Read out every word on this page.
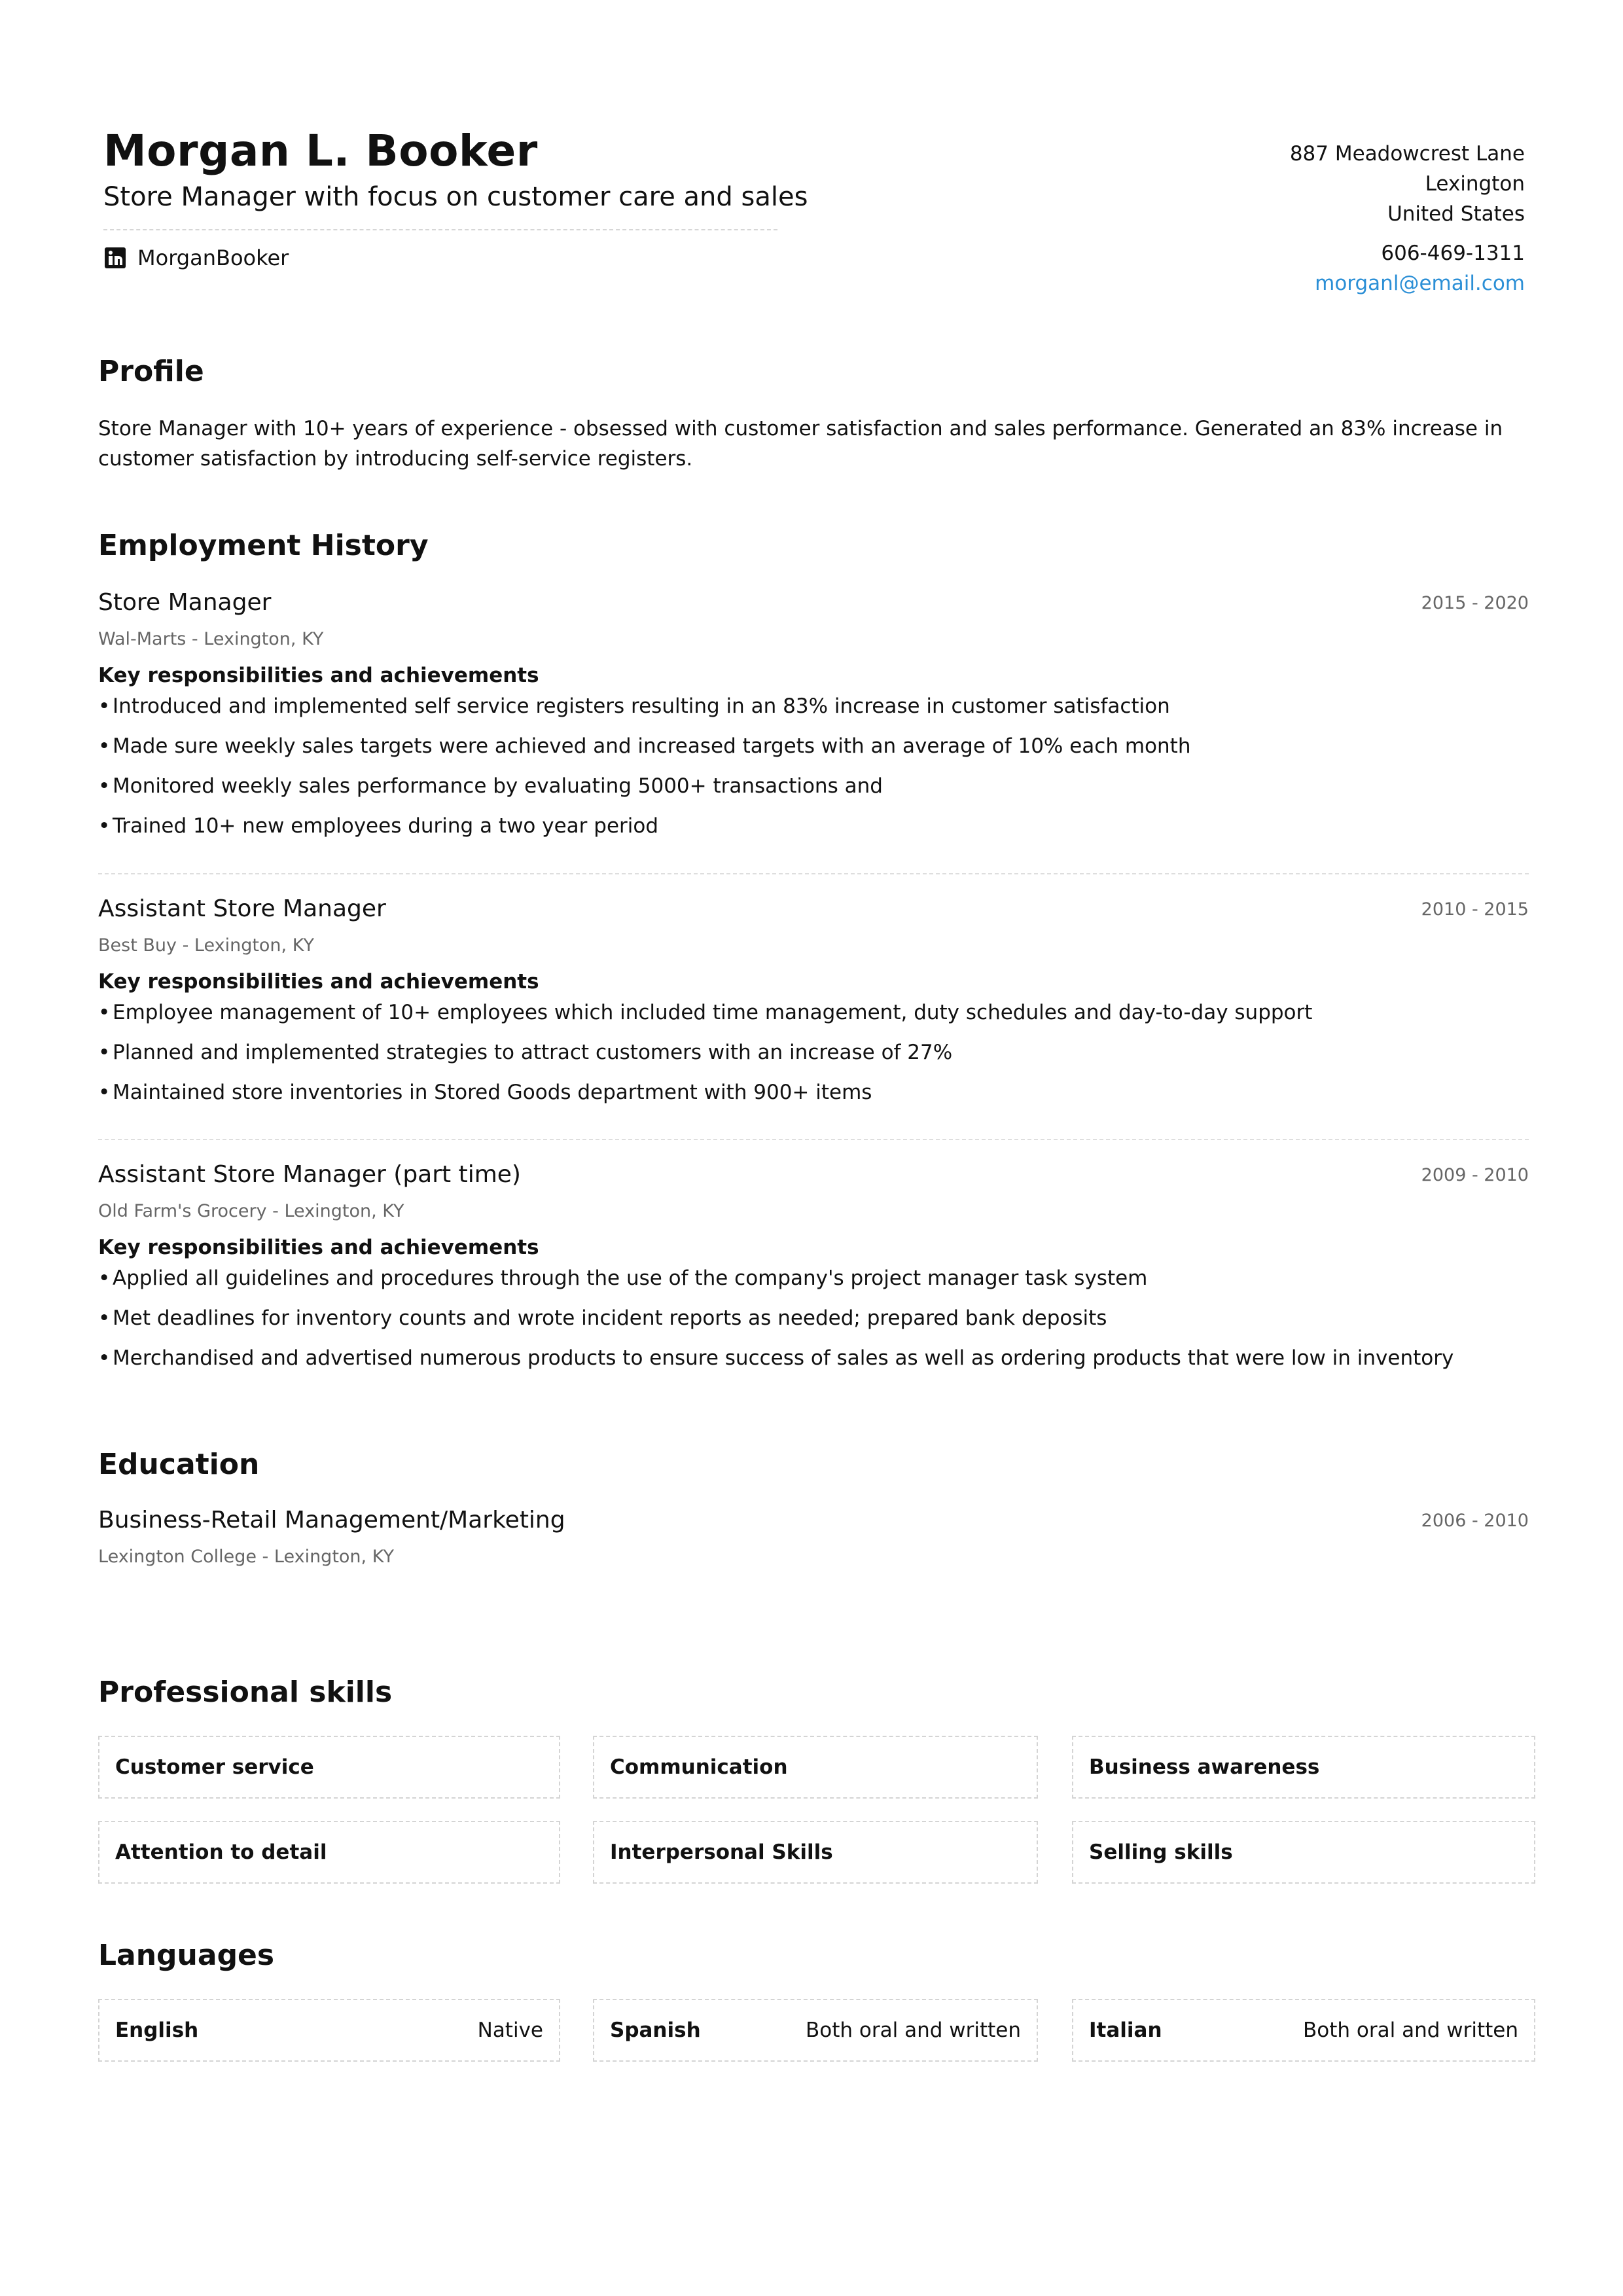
Morgan L. Booker
Store Manager with focus on customer care and sales
MorganBooker
887 Meadowcrest Lane
Lexington
United States
606-469-1311
morganl@email.com
Profile
Store Manager with 10+ years of experience - obsessed with customer satisfaction and sales performance. Generated an 83% increase in customer satisfaction by introducing self-service registers.
Employment History
Store Manager	2015 - 2020
Wal-Marts - Lexington, KY
Key responsibilities and achievements
• Introduced and implemented self service registers resulting in an 83% increase in customer satisfaction
• Made sure weekly sales targets were achieved and increased targets with an average of 10% each month
• Monitored weekly sales performance by evaluating 5000+ transactions and
• Trained 10+ new employees during a two year period
Assistant Store Manager	2010 - 2015
Best Buy - Lexington, KY
Key responsibilities and achievements
• Employee management of 10+ employees which included time management, duty schedules and day-to-day support
• Planned and implemented strategies to attract customers with an increase of 27%
• Maintained store inventories in Stored Goods department with 900+ items
Assistant Store Manager (part time)	2009 - 2010
Old Farm's Grocery - Lexington, KY
Key responsibilities and achievements
• Applied all guidelines and procedures through the use of the company's project manager task system
• Met deadlines for inventory counts and wrote incident reports as needed; prepared bank deposits
• Merchandised and advertised numerous products to ensure success of sales as well as ordering products that were low in inventory
Education
Business-Retail Management/Marketing	2006 - 2010
Lexington College - Lexington, KY
Professional skills
Customer service	Communication	Business awareness
Attention to detail	Interpersonal Skills	Selling skills
Languages
English	Native	Spanish	Both oral and written	Italian	Both oral and written
